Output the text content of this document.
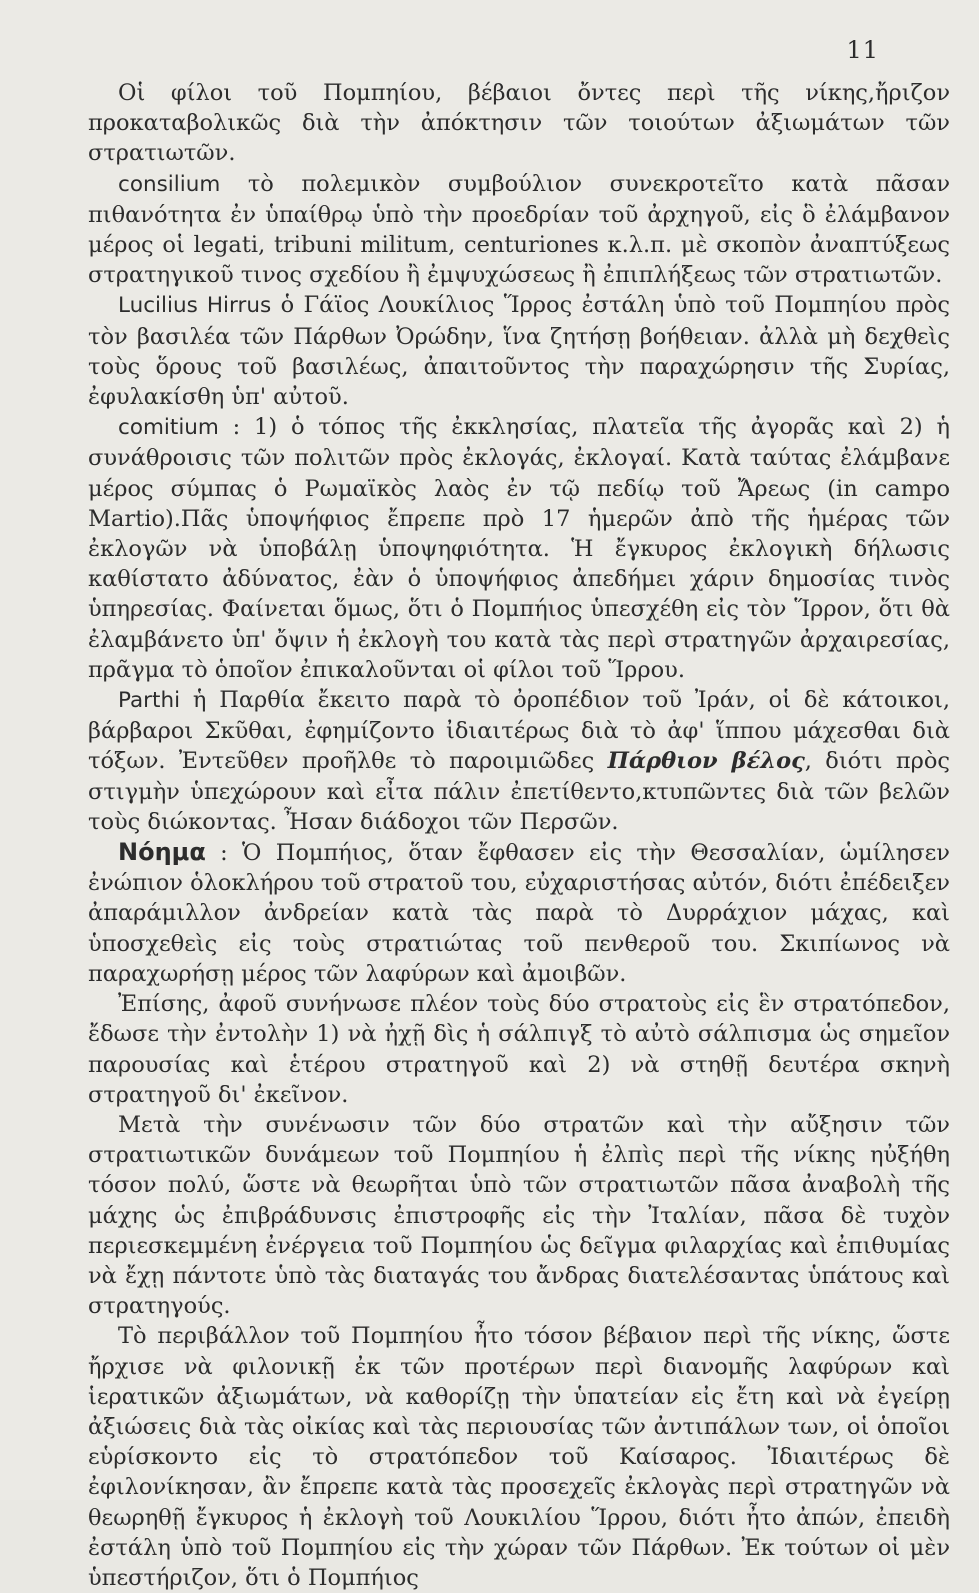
11

Οἱ φίλοι τοῦ Πομπηίου, βέβαιοι ὄντες περὶ τῆς νίκης,ἤριζον προκαταβολικῶς διὰ τὴν ἀπόκτησιν τῶν τοιούτων ἀξιωμάτων τῶν στρατιωτῶν.

consilium τὸ πολεμικὸν συμβούλιον συνεκροτεῖτο κατὰ πᾶσαν πιθανότητα ἐν ὑπαίθρῳ ὑπὸ τὴν προεδρίαν τοῦ ἀρχηγοῦ, εἰς ὃ ἐλάμβανον μέρος οἱ legati, tribuni militum, centuriones κ.λ.π. μὲ σκοπὸν ἀναπτύξεως στρατηγικοῦ τινος σχεδίου ἢ ἐμψυχώσεως ἢ ἐπιπλήξεως τῶν στρατιωτῶν.

Lucilius Hirrus ὁ Γάϊος Λουκίλιος Ἵρρος ἐστάλη ὑπὸ τοῦ Πομπηίου πρὸς τὸν βασιλέα τῶν Πάρθων Ὀρώδην, ἵνα ζητήσῃ βοήθειαν. ἀλλὰ μὴ δεχθεὶς τοὺς ὅρους τοῦ βασιλέως, ἀπαιτοῦντος τὴν παραχώρησιν τῆς Συρίας, ἐφυλακίσθη ὑπ' αὐτοῦ.

comitium : 1) ὁ τόπος τῆς ἐκκλησίας, πλατεῖα τῆς ἀγορᾶς καὶ 2) ἡ συνάθροισις τῶν πολιτῶν πρὸς ἐκλογάς, ἐκλογαί. Κατὰ ταύτας ἐλάμβανε μέρος σύμπας ὁ Ρωμαϊκὸς λαὸς ἐν τῷ πεδίῳ τοῦ Ἄρεως (in campo Martio).Πᾶς ὑποψήφιος ἔπρεπε πρὸ 17 ἡμερῶν ἀπὸ τῆς ἡμέρας τῶν ἐκλογῶν νὰ ὑποβάλῃ ὑποψηφιότητα. Ἡ ἔγκυρος ἐκλογικὴ δήλωσις καθίστατο ἀδύνατος, ἐὰν ὁ ὑποψήφιος ἀπεδήμει χάριν δημοσίας τινὸς ὑπηρεσίας. Φαίνεται ὅμως, ὅτι ὁ Πομπήιος ὑπεσχέθη εἰς τὸν Ἵρρον, ὅτι θὰ ἐλαμβάνετο ὑπ' ὄψιν ἡ ἐκλογὴ του κατὰ τὰς περὶ στρατηγῶν ἀρχαιρεσίας, πρᾶγμα τὸ ὁποῖον ἐπικαλοῦνται οἱ φίλοι τοῦ Ἵρρου.

Parthi ἡ Παρθία ἔκειτο παρὰ τὸ ὀροπέδιον τοῦ Ἰράν, οἱ δὲ κάτοικοι, βάρβαροι Σκῦθαι, ἐφημίζοντο ἰδιαιτέρως διὰ τὸ ἀφ' ἵππου μάχεσθαι διὰ τόξων. Ἐντεῦθεν προῆλθε τὸ παροιμιῶδες Πάρθιον βέλος, διότι πρὸς στιγμὴν ὑπεχώρουν καὶ εἶτα πάλιν ἐπετίθεντο,κτυπῶντες διὰ τῶν βελῶν τοὺς διώκοντας. Ἦσαν διάδοχοι τῶν Περσῶν.

Νόημα : Ὁ Πομπήιος, ὅταν ἔφθασεν εἰς τὴν Θεσσαλίαν, ὡμίλησεν ἐνώπιον ὁλοκλήρου τοῦ στρατοῦ του, εὐχαριστήσας αὐτόν, διότι ἐπέδειξεν ἀπαράμιλλον ἀνδρείαν κατὰ τὰς παρὰ τὸ Δυρράχιον μάχας, καὶ ὑποσχεθεὶς εἰς τοὺς στρατιώτας τοῦ πενθεροῦ του. Σκιπίωνος νὰ παραχωρήσῃ μέρος τῶν λαφύρων καὶ ἀμοιβῶν.

Ἐπίσης, ἀφοῦ συνήνωσε πλέον τοὺς δύο στρατοὺς εἰς ἓν στρατόπεδον, ἔδωσε τὴν ἐντολὴν 1) νὰ ἠχῇ δὶς ἡ σάλπιγξ τὸ αὐτὸ σάλπισμα ὡς σημεῖον παρουσίας καὶ ἑτέρου στρατηγοῦ καὶ 2) νὰ στηθῇ δευτέρα σκηνὴ στρατηγοῦ δι' ἐκεῖνον.

Μετὰ τὴν συνένωσιν τῶν δύο στρατῶν καὶ τὴν αὔξησιν τῶν στρατιωτικῶν δυνάμεων τοῦ Πομπηίου ἡ ἐλπὶς περὶ τῆς νίκης ηὐξήθη τόσον πολύ, ὥστε νὰ θεωρῆται ὑπὸ τῶν στρατιωτῶν πᾶσα ἀναβολὴ τῆς μάχης ὡς ἐπιβράδυνσις ἐπιστροφῆς εἰς τὴν Ἰταλίαν, πᾶσα δὲ τυχὸν περιεσκεμμένη ἐνέργεια τοῦ Πομπηίου ὡς δεῖγμα φιλαρχίας καὶ ἐπιθυμίας νὰ ἔχῃ πάντοτε ὑπὸ τὰς διαταγάς του ἄνδρας διατελέσαντας ὑπάτους καὶ στρατηγούς.

Τὸ περιβάλλον τοῦ Πομπηίου ἦτο τόσον βέβαιον περὶ τῆς νίκης, ὥστε ἤρχισε νὰ φιλονικῇ ἐκ τῶν προτέρων περὶ διανομῆς λαφύρων καὶ ἱερατικῶν ἀξιωμάτων, νὰ καθορίζῃ τὴν ὑπατείαν εἰς ἔτη καὶ νὰ ἐγείρῃ ἀξιώσεις διὰ τὰς οἰκίας καὶ τὰς περιουσίας τῶν ἀντιπάλων των, οἱ ὁποῖοι εὑρίσκοντο εἰς τὸ στρατόπεδον τοῦ Καίσαρος. Ἰδιαιτέρως δὲ ἐφιλονίκησαν, ἂν ἔπρεπε κατὰ τὰς προσεχεῖς ἐκλογὰς περὶ στρατηγῶν νὰ θεωρηθῇ ἔγκυρος ἡ ἐκλογὴ τοῦ Λουκιλίου Ἵρρου, διότι ἦτο ἀπών, ἐπειδὴ ἐστάλη ὑπὸ τοῦ Πομπηίου εἰς τὴν χώραν τῶν Πάρθων. Ἐκ τούτων οἱ μὲν ὑπεστήριζον, ὅτι ὁ Πομπήιος
